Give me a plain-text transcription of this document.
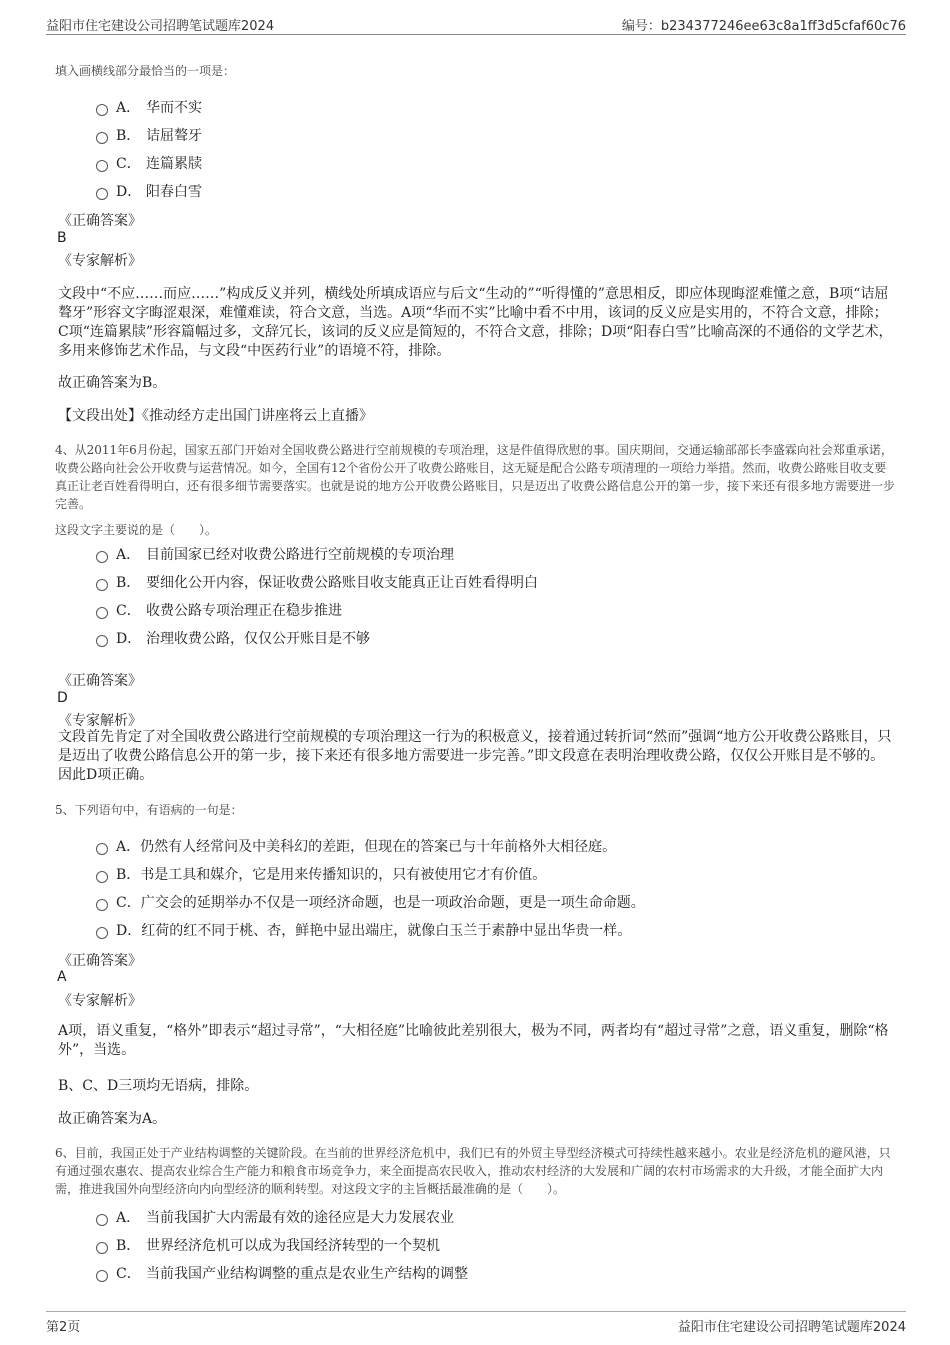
益阳市住宅建设公司招聘笔试题库2024	编号：b234377246ee63c8a1ff3d5cfaf60c76
填入画横线部分最恰当的一项是：
A． 华而不实
B． 诘屈聱牙
C． 连篇累牍
D． 阳春白雪
《正确答案》
B
《专家解析》
文段中“不应……而应……”构成反义并列，横线处所填成语应与后文“生动的”“听得懂的”意思相反，即应体现晦涩难懂之意，B项“诘屈聱牙”形容文字晦涩艰深，难懂难读，符合文意，当选。A项“华而不实”比喻中看不中用，该词的反义应是实用的，不符合文意，排除；C项“连篇累牍”形容篇幅过多，文辞冗长，该词的反义应是简短的，不符合文意，排除；D项“阳春白雪”比喻高深的不通俗的文学艺术，多用来修饰艺术作品，与文段“中医药行业”的语境不符，排除。
故正确答案为B。
【文段出处】《推动经方走出国门讲座将云上直播》
4、从2011年6月份起，国家五部门开始对全国收费公路进行空前规模的专项治理，这是件值得欣慰的事。国庆期间，交通运输部部长李盛霖向社会郑重承诺，收费公路向社会公开收费与运营情况。如今，全国有12个省份公开了收费公路账目，这无疑是配合公路专项清理的一项给力举措。然而，收费公路账目收支要真正让老百姓看得明白，还有很多细节需要落实。也就是说的地方公开收费公路账目，只是迈出了收费公路信息公开的第一步，接下来还有很多地方需要进一步完善。
这段文字主要说的是（　　）。
A． 目前国家已经对收费公路进行空前规模的专项治理
B． 要细化公开内容，保证收费公路账目收支能真正让百姓看得明白
C． 收费公路专项治理正在稳步推进
D． 治理收费公路，仅仅公开账目是不够
《正确答案》
D
《专家解析》
文段首先肯定了对全国收费公路进行空前规模的专项治理这一行为的积极意义，接着通过转折词“然而”强调“地方公开收费公路账目，只是迈出了收费公路信息公开的第一步，接下来还有很多地方需要进一步完善。”即文段意在表明治理收费公路，仅仅公开账目是不够的。因此D项正确。
5、下列语句中，有语病的一句是：
A．仍然有人经常问及中美科幻的差距，但现在的答案已与十年前格外大相径庭。
B．书是工具和媒介，它是用来传播知识的，只有被使用它才有价值。
C．广交会的延期举办不仅是一项经济命题，也是一项政治命题，更是一项生命命题。
D．红荷的红不同于桃、杏，鲜艳中显出端庄，就像白玉兰于素静中显出华贵一样。
《正确答案》
A
《专家解析》
A项，语义重复，“格外”即表示“超过寻常”，“大相径庭”比喻彼此差别很大，极为不同，两者均有“超过寻常”之意，语义重复，删除“格外”，当选。
B、C、D三项均无语病，排除。
故正确答案为A。
6、目前，我国正处于产业结构调整的关键阶段。在当前的世界经济危机中，我们已有的外贸主导型经济模式可持续性越来越小。农业是经济危机的避风港，只有通过强农惠农、提高农业综合生产能力和粮食市场竞争力，来全面提高农民收入，推动农村经济的大发展和广阔的农村市场需求的大升级，才能全面扩大内需，推进我国外向型经济向内向型经济的顺利转型。对这段文字的主旨概括最准确的是（　　）。
A． 当前我国扩大内需最有效的途径应是大力发展农业
B． 世界经济危机可以成为我国经济转型的一个契机
C． 当前我国产业结构调整的重点是农业生产结构的调整
第2页	益阳市住宅建设公司招聘笔试题库2024
